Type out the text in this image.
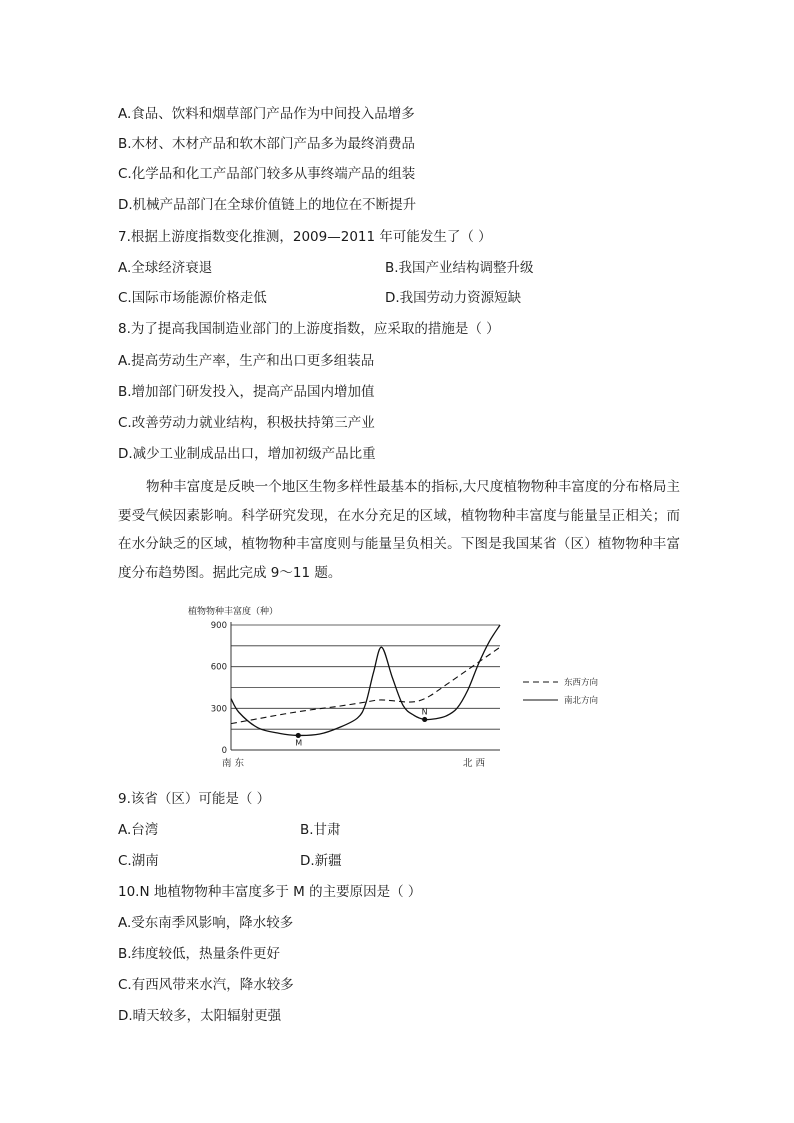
A.食品、饮料和烟草部门产品作为中间投入品增多
B.木材、木材产品和软木部门产品多为最终消费品
C.化学品和化工产品部门较多从事终端产品的组装
D.机械产品部门在全球价值链上的地位在不断提升
7.根据上游度指数变化推测，2009—2011 年可能发生了（ ）
A.全球经济衰退	B.我国产业结构调整升级
C.国际市场能源价格走低	D.我国劳动力资源短缺
8.为了提高我国制造业部门的上游度指数，应采取的措施是（ ）
A.提高劳动生产率，生产和出口更多组装品
B.增加部门研发投入，提高产品国内增加值
C.改善劳动力就业结构，积极扶持第三产业
D.减少工业制成品出口，增加初级产品比重
物种丰富度是反映一个地区生物多样性最基本的指标,大尺度植物物种丰富度的分布格局主要受气候因素影响。科学研究发现，在水分充足的区域，植物物种丰富度与能量呈正相关；而在水分缺乏的区域，植物物种丰富度则与能量呈负相关。下图是我国某省（区）植物物种丰富度分布趋势图。据此完成 9～11 题。
植物物种丰富度（种）
0
300
600
900
M
N
南 东	北 西
东西方向
南北方向
9.该省（区）可能是（ ）
A.台湾	B.甘肃
C.湖南	D.新疆
10.N 地植物物种丰富度多于 M 的主要原因是（ ）
A.受东南季风影响，降水较多
B.纬度较低，热量条件更好
C.有西风带来水汽，降水较多
D.晴天较多，太阳辐射更强
